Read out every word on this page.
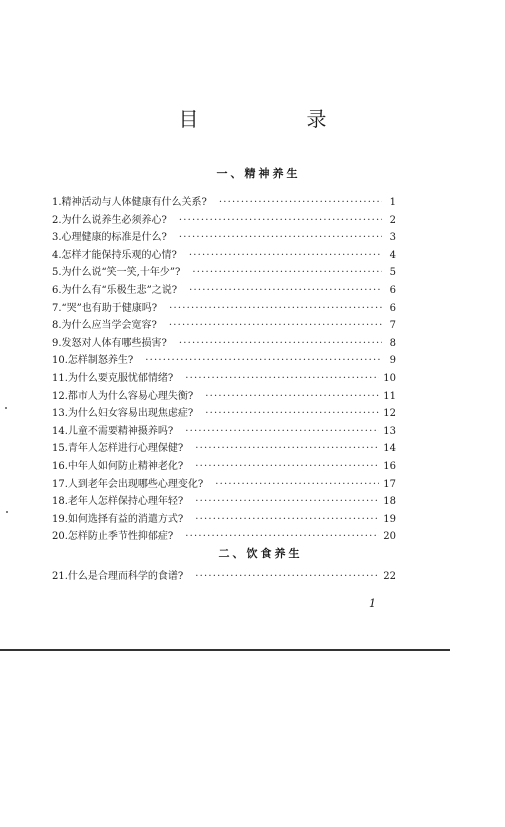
目　录
一、精神养生
1. 精神活动与人体健康有什么关系? ·····	1
2. 为什么说养生必须养心? ·····	2
3. 心理健康的标准是什么? ·····	3
4. 怎样才能保持乐观的心情? ·····	4
5. 为什么说“笑一笑,十年少”? ·····	5
6. 为什么有“乐极生悲”之说? ·····	6
7. “哭”也有助于健康吗? ·····	6
8. 为什么应当学会宽容? ·····	7
9. 发怒对人体有哪些损害? ·····	8
10. 怎样制怒养生? ·····	9
11. 为什么要克服忧郁情绪? ·····	10
12. 都市人为什么容易心理失衡? ·····	11
13. 为什么妇女容易出现焦虑症? ·····	12
14. 儿童不需要精神摄养吗? ·····	13
15. 青年人怎样进行心理保健? ·····	14
16. 中年人如何防止精神老化? ·····	16
17. 人到老年会出现哪些心理变化? ·····	17
18. 老年人怎样保持心理年轻? ·····	18
19. 如何选择有益的消遣方式? ·····	19
20. 怎样防止季节性抑郁症? ·····	20
二、饮食养生
21. 什么是合理而科学的食谱? ·····	22
1
